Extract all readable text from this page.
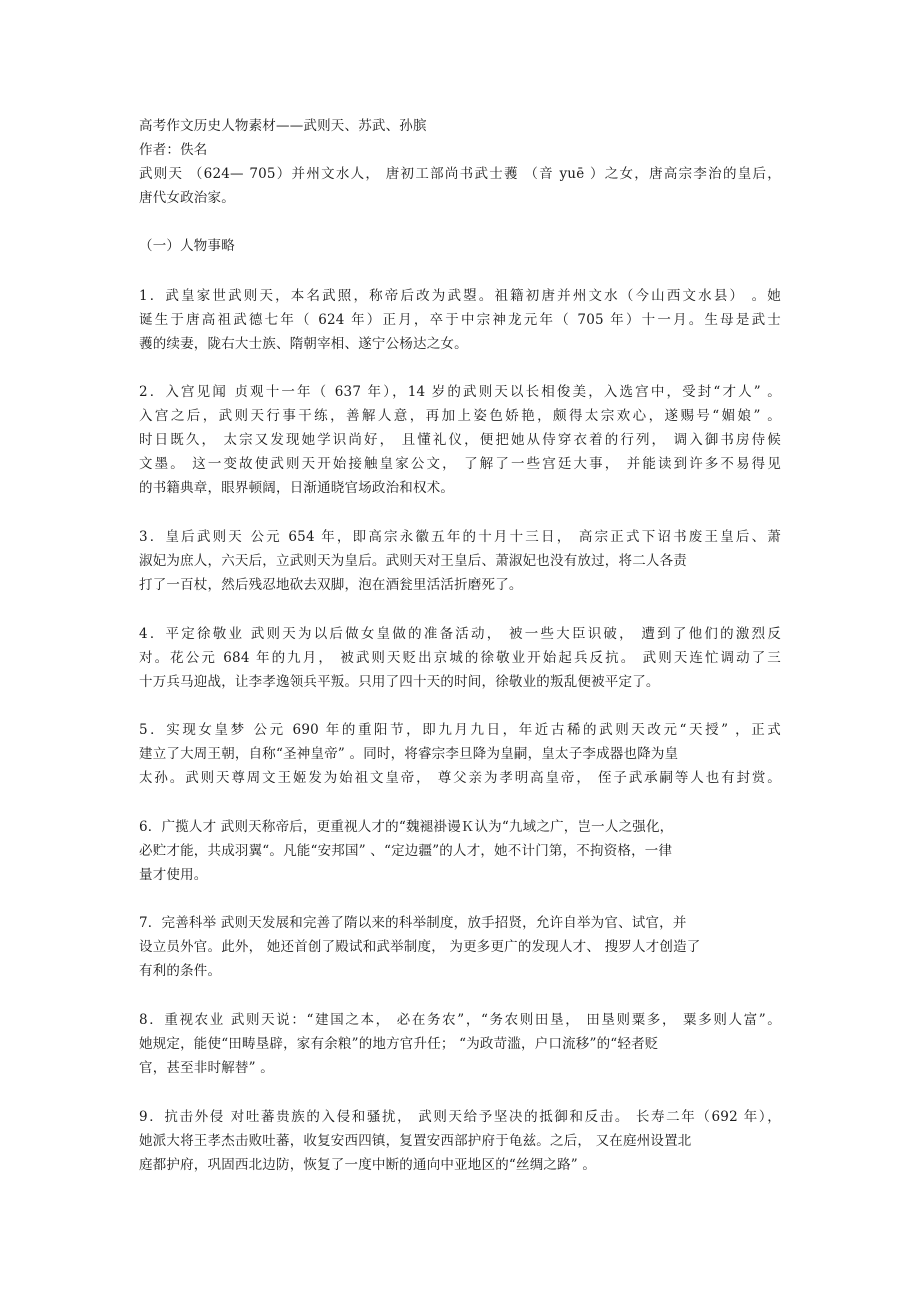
高考作文历史人物素材——武则天、苏武、孙膑
作者：佚名
武则天 （624— 705）并州文水人， 唐初工部尚书武士彟 （音 yuē ）之女，唐高宗李治的皇后，
唐代女政治家。
（一）人物事略
1．武皇家世武则天，本名武照，称帝后改为武曌。祖籍初唐并州文水（今山西文水县） 。她
诞生于唐高祖武德七年（ 624 年）正月，卒于中宗神龙元年（ 705 年）十一月。生母是武士
彟的续妻，陇右大士族、隋朝宰相、遂宁公杨达之女。
2．入宫见闻 贞观十一年（ 637 年），14 岁的武则天以长相俊美，入选宫中，受封“才人” 。
入宫之后，武则天行事干练，善解人意，再加上姿色娇艳，颇得太宗欢心，遂赐号“媚娘” 。
时日既久， 太宗又发现她学识尚好， 且懂礼仪，便把她从侍穿衣着的行列， 调入御书房侍候
文墨。 这一变故使武则天开始接触皇家公文， 了解了一些宫廷大事， 并能读到许多不易得见
的书籍典章，眼界顿阔，日渐通晓官场政治和权术。
3．皇后武则天 公元 654 年，即高宗永徽五年的十月十三日， 高宗正式下诏书废王皇后、萧
淑妃为庶人，六天后，立武则天为皇后。武则天对王皇后、萧淑妃也没有放过，将二人各责
打了一百杖，然后残忍地砍去双脚，泡在酒瓮里活活折磨死了。
4．平定徐敬业 武则天为以后做女皇做的准备活动， 被一些大臣识破， 遭到了他们的激烈反
对。花公元 684 年的九月， 被武则天贬出京城的徐敬业开始起兵反抗。 武则天连忙调动了三
十万兵马迎战，让李孝逸领兵平叛。只用了四十天的时间，徐敬业的叛乱便被平定了。
5．实现女皇梦 公元 690 年的重阳节，即九月九日，年近古稀的武则天改元“天授” ，正式
建立了大周王朝，自称“圣神皇帝” 。同时，将睿宗李旦降为皇嗣，皇太子李成器也降为皇
太孙。武则天尊周文王姬发为始祖文皇帝， 尊父亲为孝明高皇帝， 侄子武承嗣等人也有封赏。
6．广揽人才 武则天称帝后，更重视人才的“魏褪褂谩Ｋ认为“九域之广，岂一人之强化，
必贮才能，共成羽翼“。凡能“安邦国” 、“定边疆”的人才，她不计门第，不拘资格，一律
量才使用。
7．完善科举 武则天发展和完善了隋以来的科举制度，放手招贤，允许自举为官、试官，并
设立员外官。此外， 她还首创了殿试和武举制度， 为更多更广的发现人才、 搜罗人才创造了
有利的条件。
8．重视农业 武则天说：“建国之本， 必在务农”，“务农则田垦， 田垦则粟多， 粟多则人富”。
她规定，能使“田畴垦辟，家有余粮”的地方官升任； “为政苛滥，户口流移”的“轻者贬
官，甚至非时解替” 。
9．抗击外侵 对吐蕃贵族的入侵和骚扰， 武则天给予坚决的抵御和反击。 长寿二年（692 年），
她派大将王孝杰击败吐蕃，收复安西四镇，复置安西部护府于龟兹。之后， 又在庭州设置北
庭都护府，巩固西北边防，恢复了一度中断的通向中亚地区的“丝绸之路” 。
